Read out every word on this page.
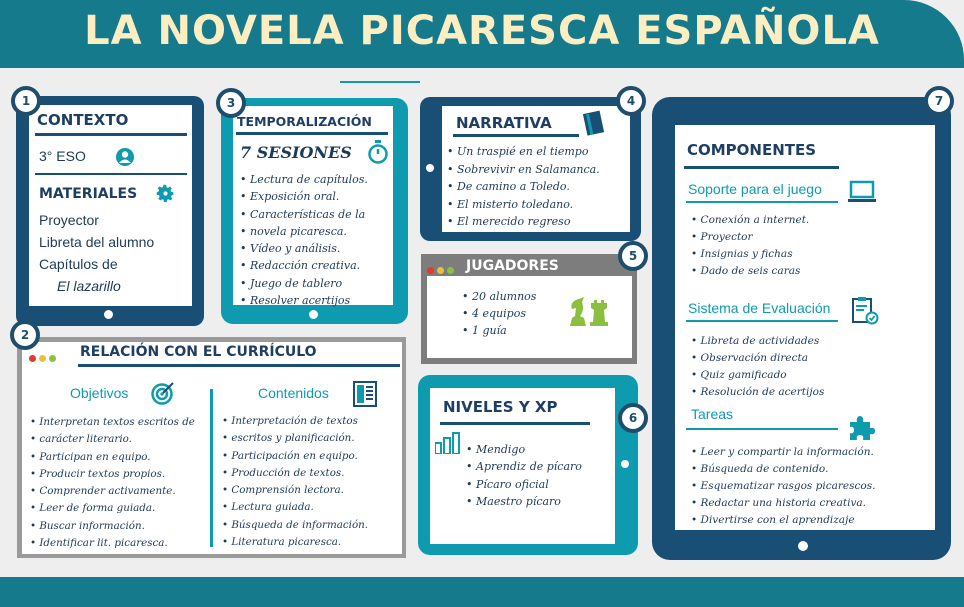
LA NOVELA PICARESCA ESPAÑOLA
1
CONTEXTO
3° ESO
MATERIALES
Proyector
Libreta del alumno
Capítulos de
El lazarillo
3
TEMPORALIZACIÓN
7 SESIONES
• Lectura de capítulos.
• Exposición oral.
• Características de la
• novela picaresca.
• Vídeo y análisis.
• Redacción creativa.
• Juego de tablero
• Resolver acertijos
4
NARRATIVA
• Un traspié en el tiempo
• Sobrevivir en Salamanca.
• De camino a Toledo.
• El misterio toledano.
• El merecido regreso
5
JUGADORES
• 20 alumnos
• 4 equipos
• 1 guía
6
NIVELES Y XP
• Mendigo
• Aprendiz de pícaro
• Pícaro oficial
• Maestro pícaro
2
RELACIÓN CON EL CURRÍCULO
Objetivos	Contenidos
• Interpretan textos escritos de
• carácter literario.
• Participan en equipo.
• Producir textos propios.
• Comprender activamente.
• Leer de forma guiada.
• Buscar información.
• Identificar lit. picaresca.
• Interpretación de textos
• escritos y planificación.
• Participación en equipo.
• Producción de textos.
• Comprensión lectora.
• Lectura guiada.
• Búsqueda de información.
• Literatura picaresca.
7
COMPONENTES
Soporte para el juego
• Conexión a internet.
• Proyector
• Insignias y fichas
• Dado de seis caras
Sistema de Evaluación
• Libreta de actividades
• Observación directa
• Quiz gamificado
• Resolución de acertijos
Tareas
• Leer y compartir la información.
• Búsqueda de contenido.
• Esquematizar rasgos picarescos.
• Redactar una historia creativa.
• Divertirse con el aprendizaje
